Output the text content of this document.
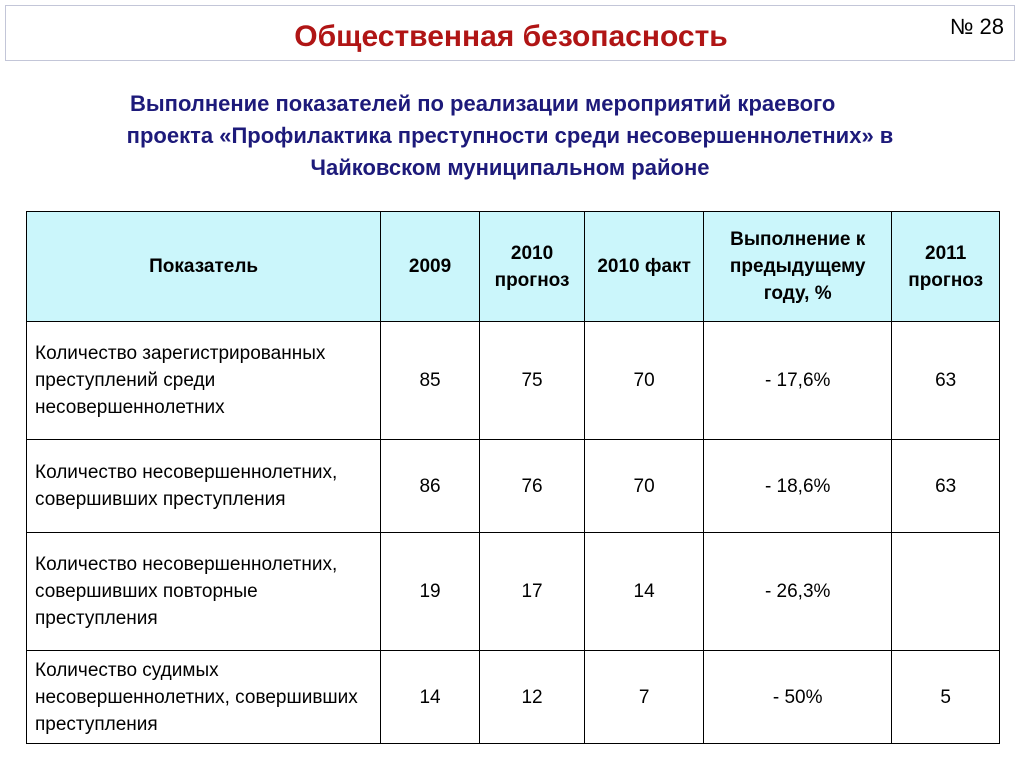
Общественная безопасность	№ 28
Выполнение показателей по реализации мероприятий краевого
проекта «Профилактика преступности среди несовершеннолетних» в
Чайковском муниципальном районе
Показатель	2009	2010 прогноз	2010 факт	Выполнение к предыдущему году, %	2011 прогноз
Количество зарегистрированных преступлений среди несовершеннолетних	85	75	70	- 17,6%	63
Количество несовершеннолетних, совершивших преступления	86	76	70	- 18,6%	63
Количество несовершеннолетних, совершивших повторные преступления	19	17	14	- 26,3%	
Количество судимых несовершеннолетних, совершивших преступления	14	12	7	- 50%	5
